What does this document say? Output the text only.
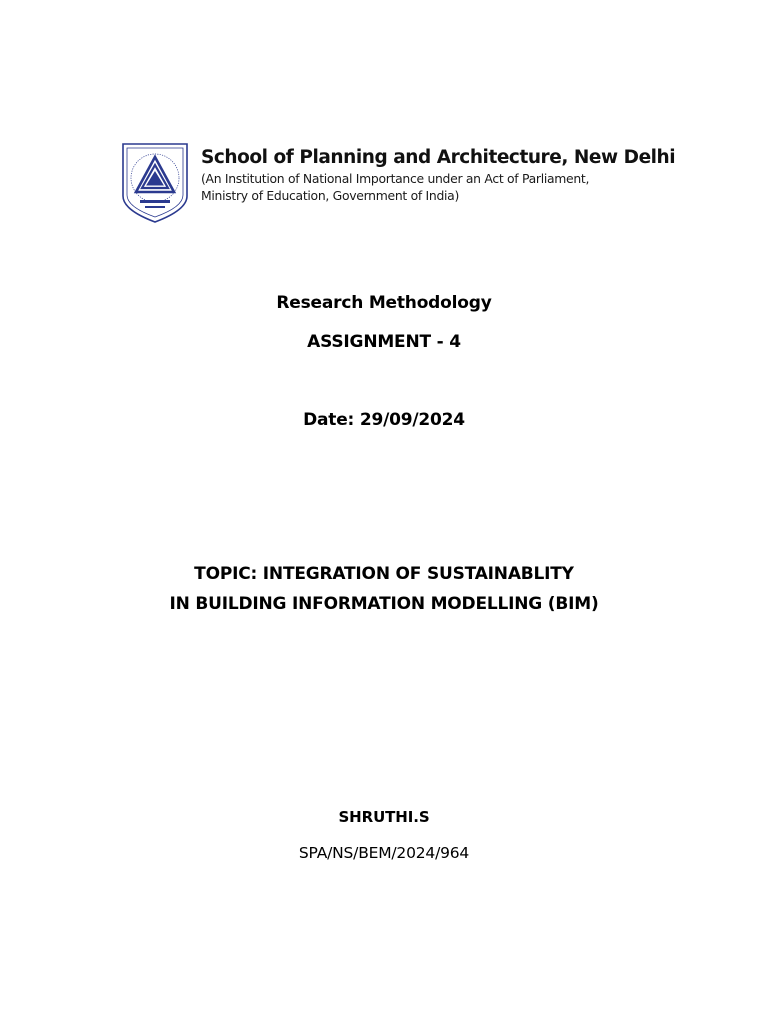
School of Planning and Architecture, New Delhi
(An Institution of National Importance under an Act of Parliament,
Ministry of Education, Government of India)
Research Methodology
ASSIGNMENT - 4
Date: 29/09/2024
TOPIC: INTEGRATION OF SUSTAINABLITY
IN BUILDING INFORMATION MODELLING (BIM)
SHRUTHI.S
SPA/NS/BEM/2024/964
